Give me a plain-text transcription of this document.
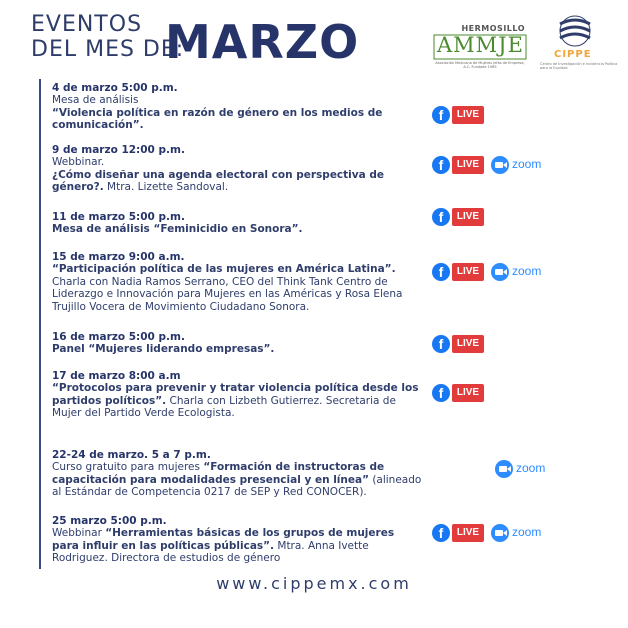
EVENTOS
DEL MES DE:
MARZO	HERMOSILLO
AMMJE
Asociación Mexicana de Mujeres Jefas de Empresa, A.C. Fundada 1965
CIPPE
Centro de Investigación e Incidencia Política para la Equidad
4 de marzo 5:00 p.m.
Mesa de análisis
“Violencia política en razón de género en los medios de comunicación”.
f	LIVE
9 de marzo 12:00 p.m.
Webbinar.
¿Cómo diseñar una agenda electoral con perspectiva de género?. Mtra. Lizette Sandoval.
f	LIVE	zoom
11 de marzo 5:00 p.m.
Mesa de análisis “Feminicidio en Sonora”.
f	LIVE
15 de marzo 9:00 a.m.
“Participación política de las mujeres en América Latina”. Charla con Nadia Ramos Serrano, CEO del Think Tank Centro de Liderazgo e Innovación para Mujeres en las Américas y Rosa Elena Trujillo Vocera de Movimiento Ciudadano Sonora.
f	LIVE	zoom
16 de marzo 5:00 p.m.
Panel “Mujeres liderando empresas”.	f	LIVE
17 de marzo 8:00 a.m
“Protocolos para prevenir y tratar violencia política desde los partidos políticos”. Charla con Lizbeth Gutierrez. Secretaria de Mujer del Partido Verde Ecologista.
f	LIVE
22-24 de marzo. 5 a 7 p.m.
Curso gratuito para mujeres “Formación de instructoras de capacitación para modalidades presencial y en línea” (alineado al Estándar de Competencia 0217 de SEP y Red CONOCER).
zoom
25 marzo 5:00 p.m.
Webbinar “Herramientas básicas de los grupos de mujeres para influir en las políticas públicas”. Mtra. Anna Ivette Rodriguez. Directora de estudios de género
f	LIVE	zoom
www.cippemx.com
